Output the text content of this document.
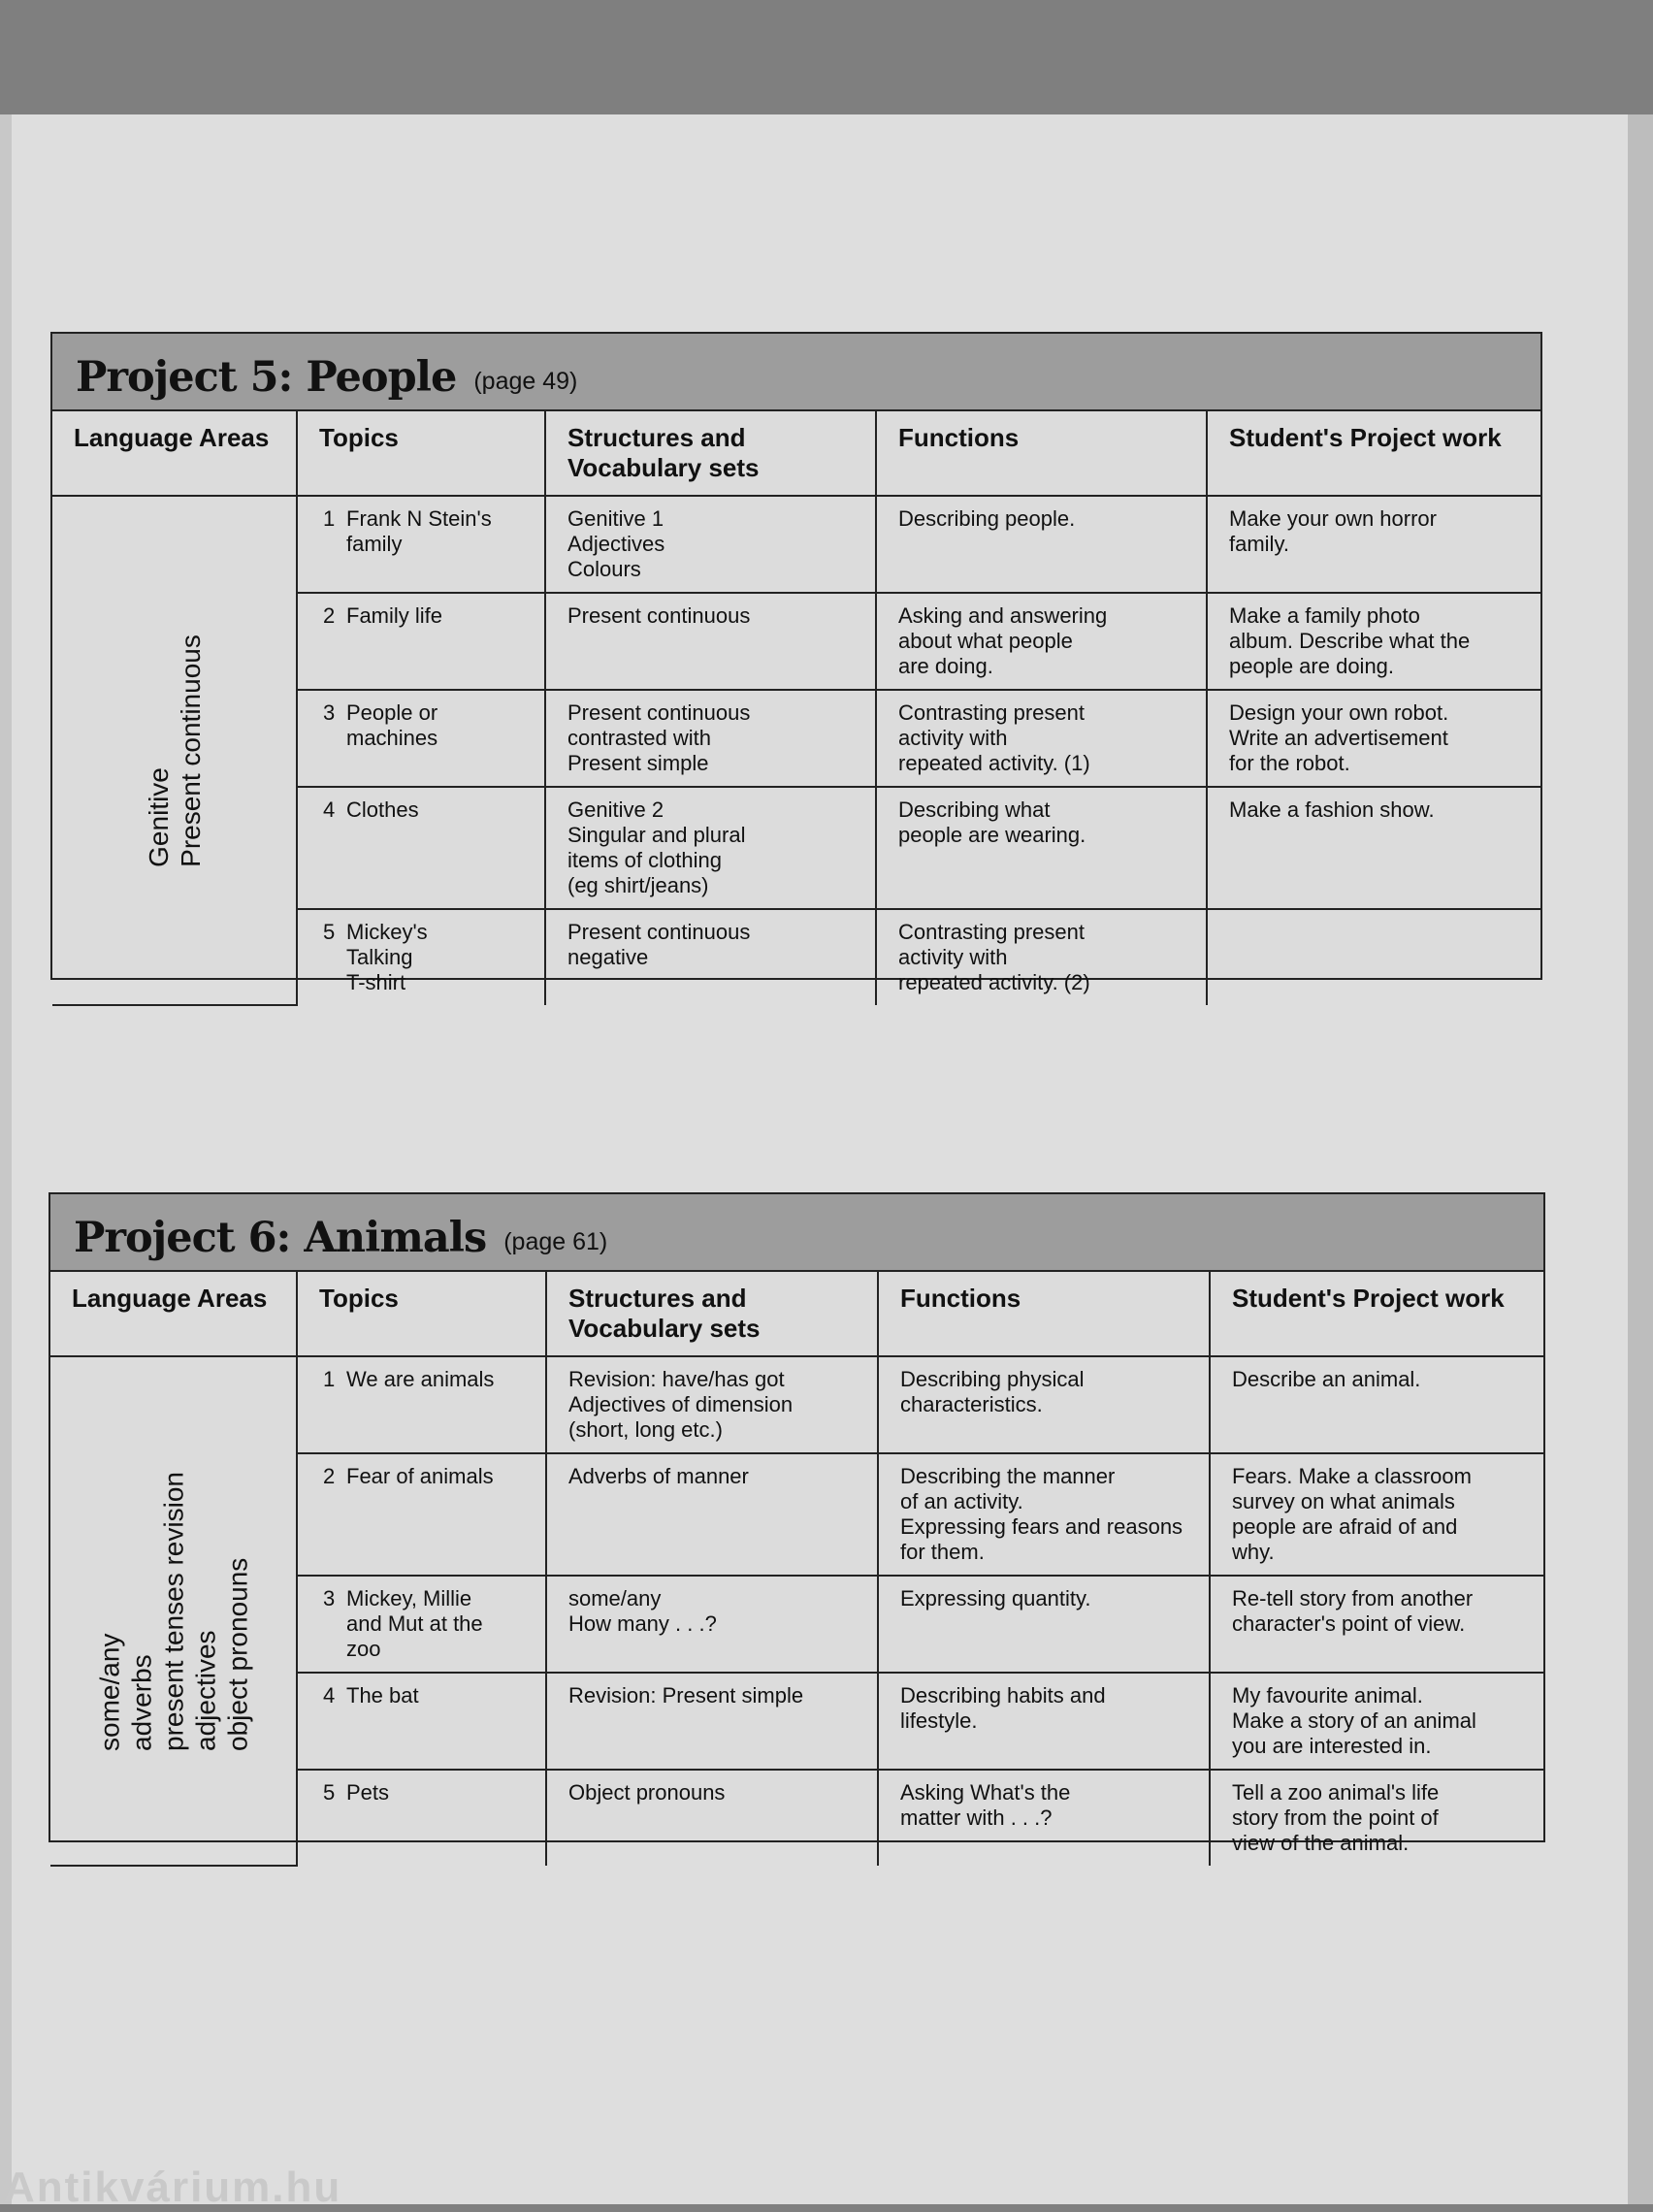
Project 5: People (page 49)
Language Areas	Topics	Structures and Vocabulary sets	Functions	Student's Project work

Genitive Present continuous	1 Frank N Stein's
family	Genitive 1
Adjectives
Colours	Describing people.	Make your own horror
family.

	2 Family life	Present continuous	Asking and answering
about what people
are doing.	Make a family photo
album. Describe what the
people are doing.

	3 People or
machines	Present continuous
contrasted with
Present simple	Contrasting present
activity with
repeated activity. (1)	Design your own robot.
Write an advertisement
for the robot.

	4 Clothes	Genitive 2
Singular and plural
items of clothing
(eg shirt/jeans)	Describing what
people are wearing.	Make a fashion show.

	5 Mickey's
Talking
T-shirt	Present continuous
negative	Contrasting present
activity with
repeated activity. (2)	

Project 6: Animals (page 61)
Language Areas	Topics	Structures and Vocabulary sets	Functions	Student's Project work

some/any adverbs present tenses revision adjectives object pronouns	1 We are animals	Revision: have/has got
Adjectives of dimension
(short, long etc.)	Describing physical
characteristics.	Describe an animal.

	2 Fear of animals	Adverbs of manner	Describing the manner
of an activity.
Expressing fears and reasons
for them.	Fears. Make a classroom
survey on what animals
people are afraid of and
why.

	3 Mickey, Millie
and Mut at the
zoo	some/any
How many . . .?	Expressing quantity.	Re-tell story from another
character's point of view.

	4 The bat	Revision: Present simple	Describing habits and
lifestyle.	My favourite animal.
Make a story of an animal
you are interested in.

	5 Pets	Object pronouns	Asking What's the
matter with . . .?	Tell a zoo animal's life
story from the point of
view of the animal.
Antikvárium.hu
